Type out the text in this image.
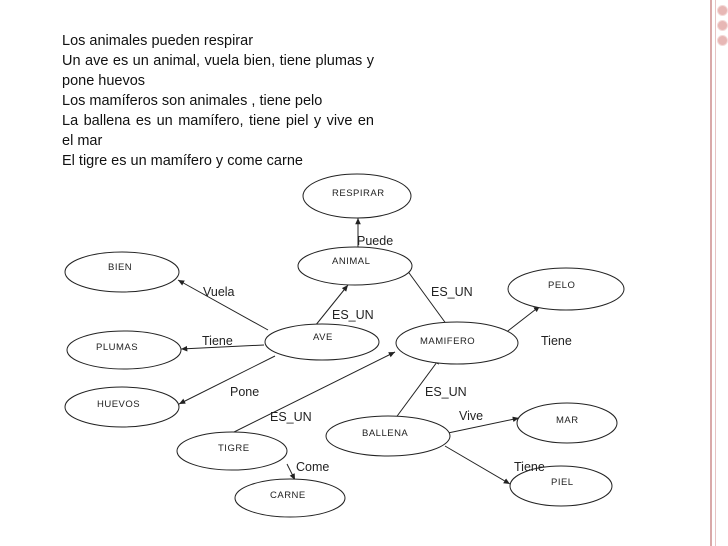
Los animales pueden respirar

Un ave es un animal, vuela bien, tiene plumas y pone huevos

Los mamíferos son animales , tiene pelo

La ballena es un mamífero, tiene piel y vive en el mar

El tigre es un mamífero y come carne

RESPIRAR
ANIMAL
BIEN
AVE
PELO
PLUMAS
MAMIFERO
HUEVOS
BALLENA
TIGRE
MAR
CARNE
PIEL
Puede
Vuela
ES_UN
ES_UN
Tiene	Tiene
Pone
ES_UN
ES_UN
Vive
Come	Tiene
